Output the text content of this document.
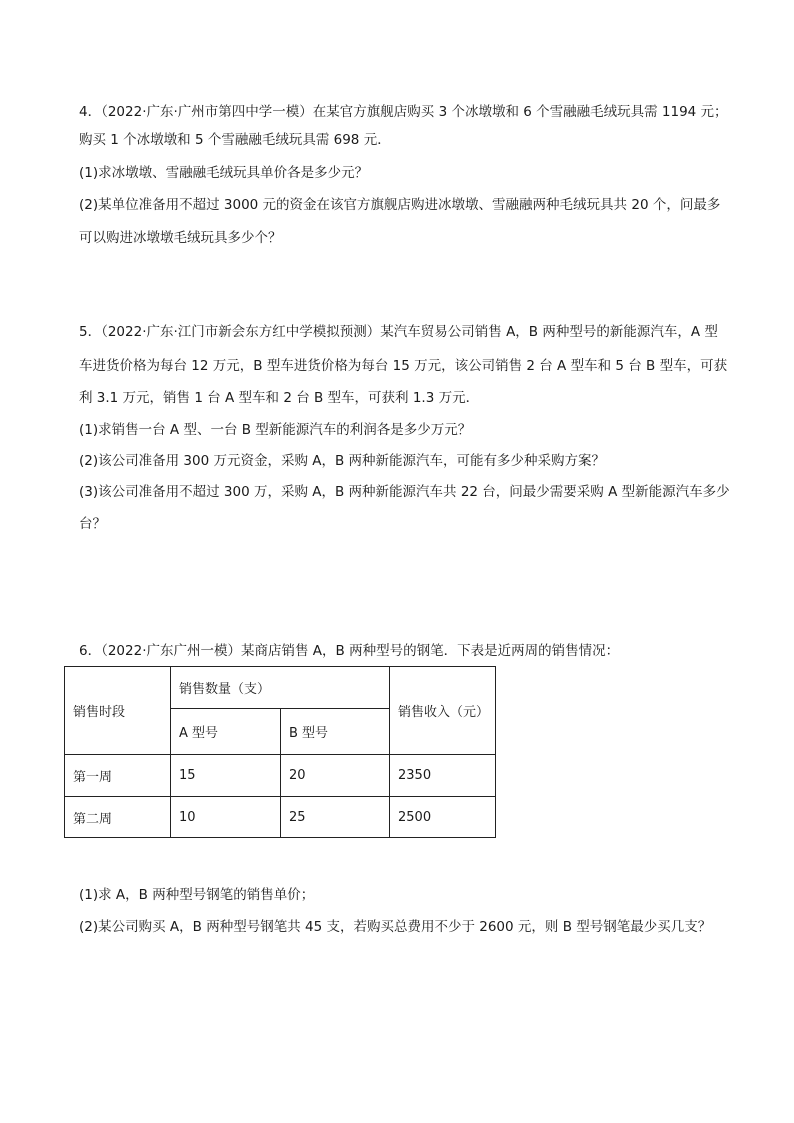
4．（2022·广东·广州市第四中学一模）在某官方旗舰店购买 3 个冰墩墩和 6 个雪融融毛绒玩具需 1194 元；
购买 1 个冰墩墩和 5 个雪融融毛绒玩具需 698 元．
(1)求冰墩墩、雪融融毛绒玩具单价各是多少元？
(2)某单位准备用不超过 3000 元的资金在该官方旗舰店购进冰墩墩、雪融融两种毛绒玩具共 20 个，问最多
可以购进冰墩墩毛绒玩具多少个？
5．（2022·广东·江门市新会东方红中学模拟预测）某汽车贸易公司销售 A，B 两种型号的新能源汽车，A 型
车进货价格为每台 12 万元，B 型车进货价格为每台 15 万元，该公司销售 2 台 A 型车和 5 台 B 型车，可获
利 3.1 万元，销售 1 台 A 型车和 2 台 B 型车，可获利 1.3 万元．
(1)求销售一台 A 型、一台 B 型新能源汽车的利润各是多少万元？
(2)该公司准备用 300 万元资金，采购 A，B 两种新能源汽车，可能有多少种采购方案？
(3)该公司准备用不超过 300 万，采购 A，B 两种新能源汽车共 22 台，问最少需要采购 A 型新能源汽车多少
台？
6．（2022·广东广州一模）某商店销售 A，B 两种型号的钢笔．下表是近两周的销售情况：
销售时段	销售数量（支）		销售收入（元）
	A 型号	B 型号	
第一周	15	20	2350
第二周	10	25	2500
(1)求 A，B 两种型号钢笔的销售单价；
(2)某公司购买 A，B 两种型号钢笔共 45 支，若购买总费用不少于 2600 元，则 B 型号钢笔最少买几支？
